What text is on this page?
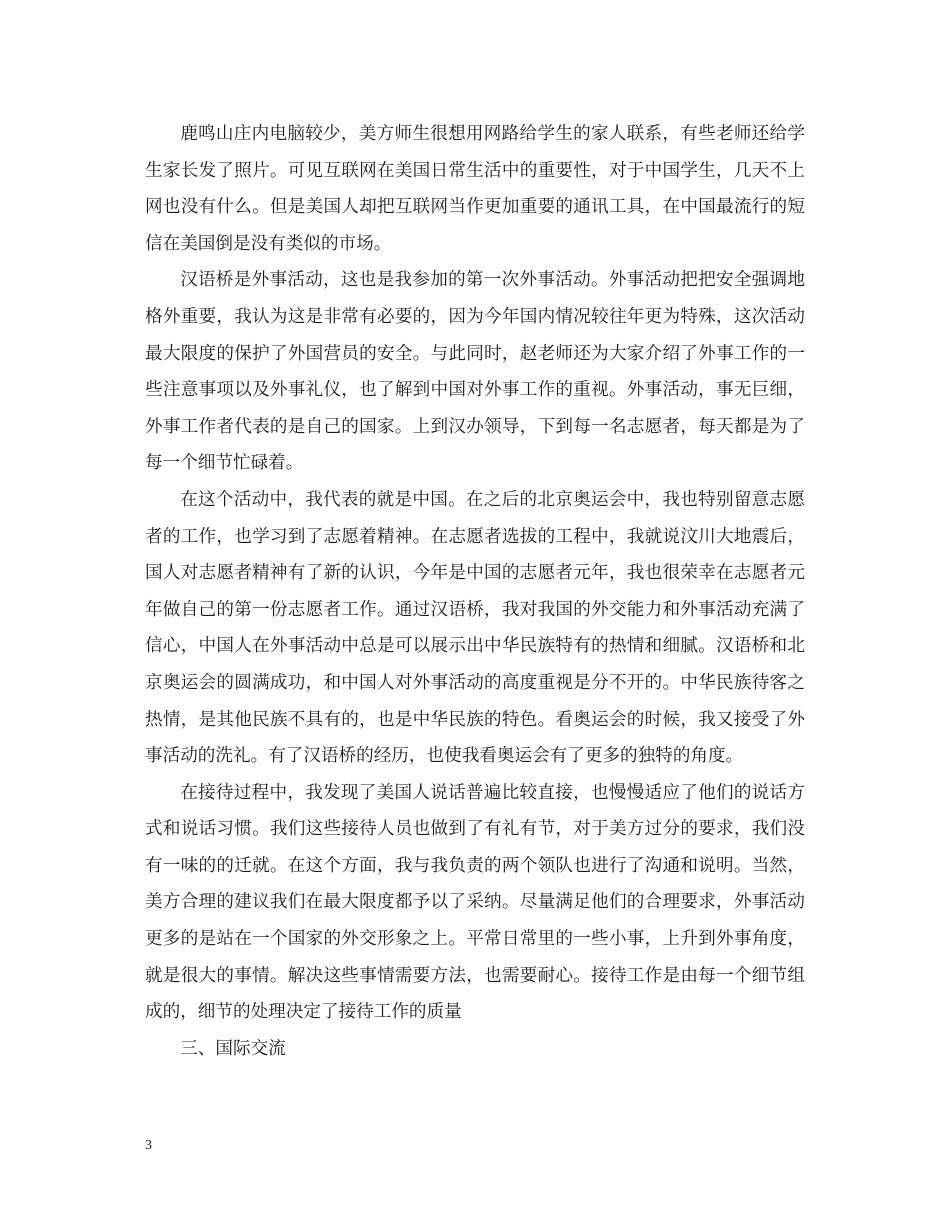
鹿鸣山庄内电脑较少，美方师生很想用网路给学生的家人联系，有些老师还给学生家长发了照片。可见互联网在美国日常生活中的重要性，对于中国学生，几天不上网也没有什么。但是美国人却把互联网当作更加重要的通讯工具，在中国最流行的短信在美国倒是没有类似的市场。

汉语桥是外事活动，这也是我参加的第一次外事活动。外事活动把把安全强调地格外重要，我认为这是非常有必要的，因为今年国内情况较往年更为特殊，这次活动最大限度的保护了外国营员的安全。与此同时，赵老师还为大家介绍了外事工作的一些注意事项以及外事礼仪，也了解到中国对外事工作的重视。外事活动，事无巨细，外事工作者代表的是自己的国家。上到汉办领导，下到每一名志愿者，每天都是为了每一个细节忙碌着。

在这个活动中，我代表的就是中国。在之后的北京奥运会中，我也特别留意志愿者的工作，也学习到了志愿着精神。在志愿者选拔的工程中，我就说汶川大地震后，国人对志愿者精神有了新的认识，今年是中国的志愿者元年，我也很荣幸在志愿者元年做自己的第一份志愿者工作。通过汉语桥，我对我国的外交能力和外事活动充满了信心，中国人在外事活动中总是可以展示出中华民族特有的热情和细腻。汉语桥和北京奥运会的圆满成功，和中国人对外事活动的高度重视是分不开的。中华民族待客之热情，是其他民族不具有的，也是中华民族的特色。看奥运会的时候，我又接受了外事活动的洗礼。有了汉语桥的经历，也使我看奥运会有了更多的独特的角度。

在接待过程中，我发现了美国人说话普遍比较直接，也慢慢适应了他们的说话方式和说话习惯。我们这些接待人员也做到了有礼有节，对于美方过分的要求，我们没有一味的的迁就。在这个方面，我与我负责的两个领队也进行了沟通和说明。当然，美方合理的建议我们在最大限度都予以了采纳。尽量满足他们的合理要求，外事活动更多的是站在一个国家的外交形象之上。平常日常里的一些小事，上升到外事角度，就是很大的事情。解决这些事情需要方法，也需要耐心。接待工作是由每一个细节组成的，细节的处理决定了接待工作的质量

三、国际交流

3
